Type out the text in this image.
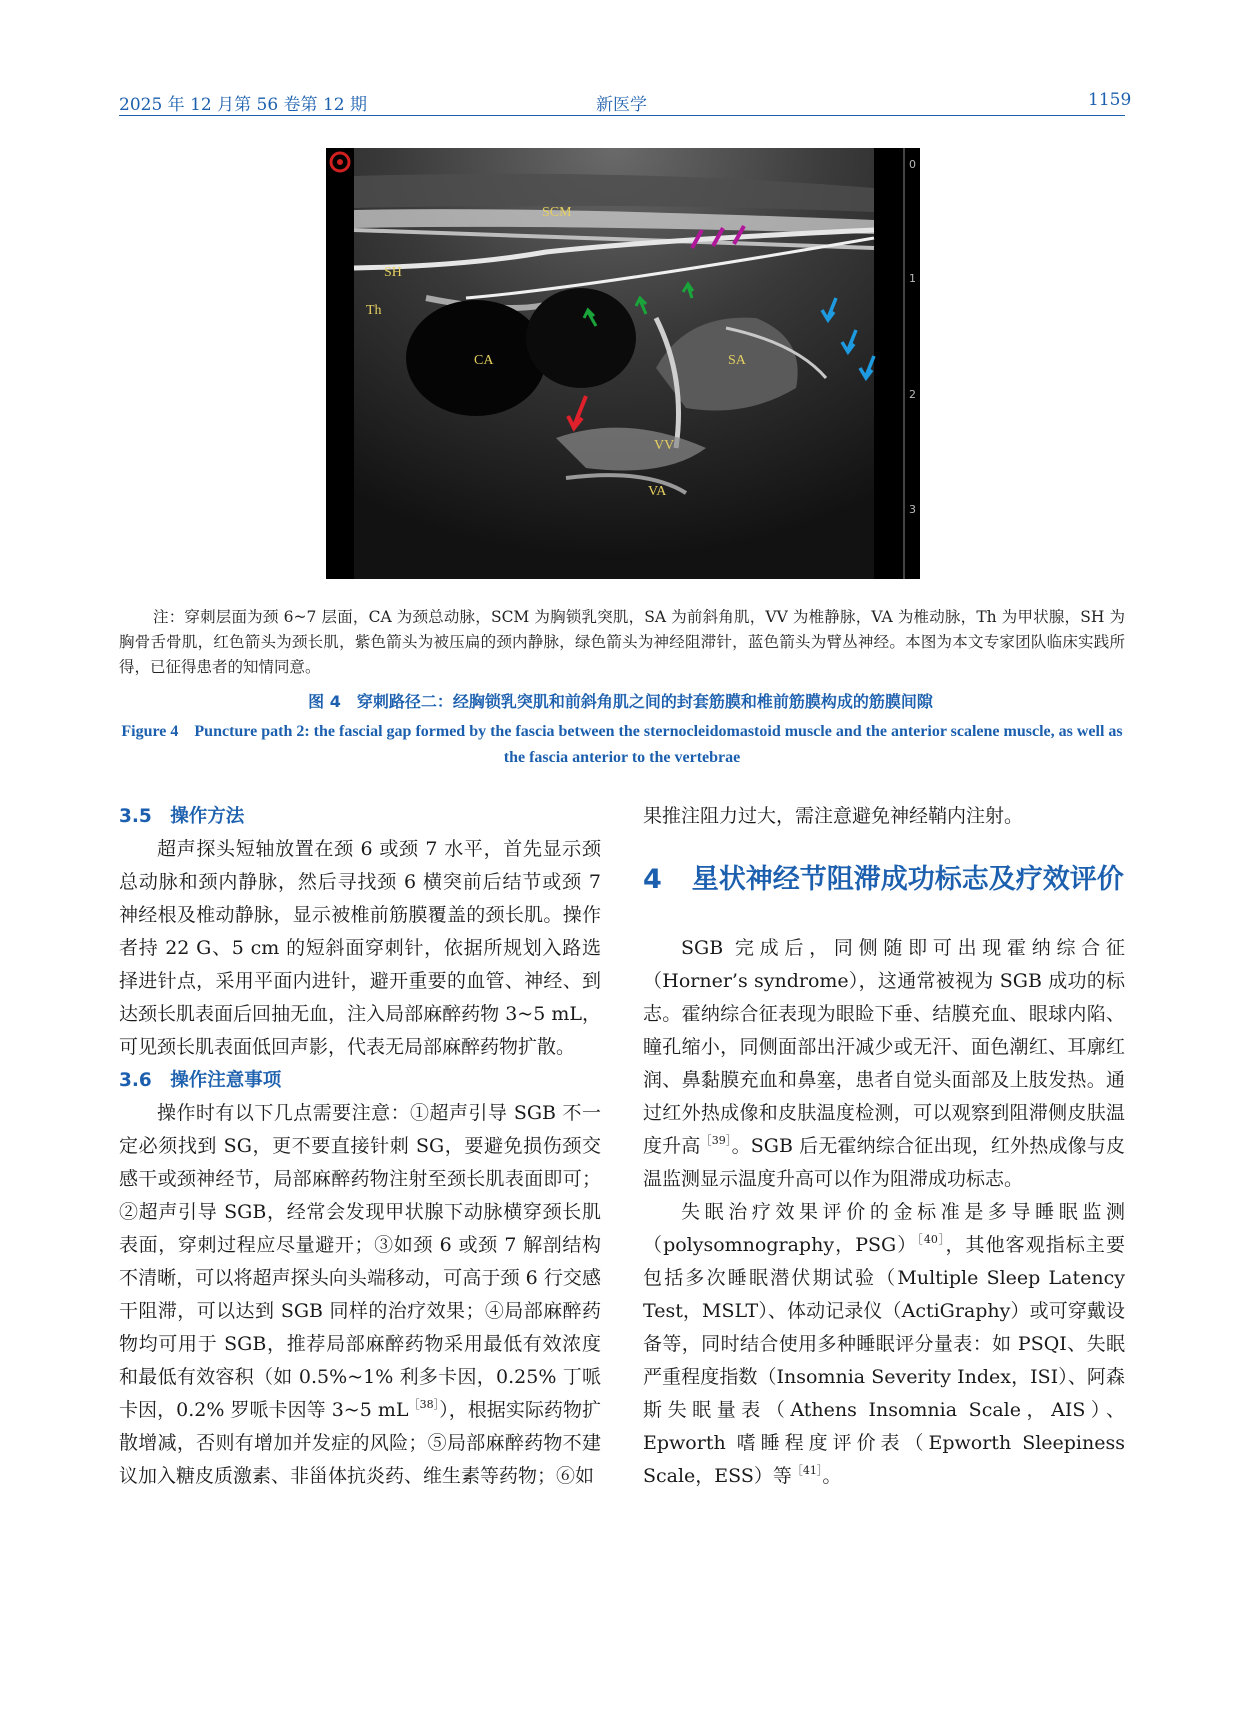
2025 年 12 月第 56 卷第 12 期	新医学	1159
0
1
2
3
SCM
SH
Th
CA	SA
VV
VA
注：穿刺层面为颈 6~7 层面，CA 为颈总动脉，SCM 为胸锁乳突肌，SA 为前斜角肌，VV 为椎静脉，VA 为椎动脉，Th 为甲状腺，SH 为胸骨舌骨肌，红色箭头为颈长肌，紫色箭头为被压扁的颈内静脉，绿色箭头为神经阻滞针，蓝色箭头为臂丛神经。本图为本文专家团队临床实践所得，已征得患者的知情同意。
图 4　穿刺路径二：经胸锁乳突肌和前斜角肌之间的封套筋膜和椎前筋膜构成的筋膜间隙
Figure 4　Puncture path 2: the fascial gap formed by the fascia between the sternocleidomastoid muscle and the anterior scalene muscle, as well as the fascia anterior to the vertebrae

3.5　操作方法

超声探头短轴放置在颈 6 或颈 7 水平，首先显示颈总动脉和颈内静脉，然后寻找颈 6 横突前后结节或颈 7 神经根及椎动静脉，显示被椎前筋膜覆盖的颈长肌。操作者持 22 G、5 cm 的短斜面穿刺针，依据所规划入路选择进针点，采用平面内进针，避开重要的血管、神经、到达颈长肌表面后回抽无血，注入局部麻醉药物 3~5 mL，可见颈长肌表面低回声影，代表无局部麻醉药物扩散。

3.6　操作注意事项

操作时有以下几点需要注意：①超声引导 SGB 不一定必须找到 SG，更不要直接针刺 SG，要避免损伤颈交感干或颈神经节，局部麻醉药物注射至颈长肌表面即可；②超声引导 SGB，经常会发现甲状腺下动脉横穿颈长肌表面，穿刺过程应尽量避开；③如颈 6 或颈 7 解剖结构不清晰，可以将超声探头向头端移动，可高于颈 6 行交感干阻滞，可以达到 SGB 同样的治疗效果；④局部麻醉药物均可用于 SGB，推荐局部麻醉药物采用最低有效浓度和最低有效容积（如 0.5%~1% 利多卡因，0.25% 丁哌卡因，0.2% 罗哌卡因等 3~5 $mL^{[38]}$），根据实际药物扩散增减，否则有增加并发症的风险；⑤局部麻醉药物不建议加入糖皮质激素、非甾体抗炎药、维生素等药物；⑥如

果推注阻力过大，需注意避免神经鞘内注射。

4 星状神经节阻滞成功标志及疗效评价

SGB 完成后，同侧随即可出现霍纳综合征（Horner’s syndrome），这通常被视为 SGB 成功的标志。霍纳综合征表现为眼睑下垂、结膜充血、眼球内陷、瞳孔缩小，同侧面部出汗减少或无汗、面色潮红、耳廓红润、鼻黏膜充血和鼻塞，患者自觉头面部及上肢发热。通过红外热成像和皮肤温度检测，可以观察到阻滞侧皮肤温度升高$^{[39]}$。SGB 后无霍纳综合征出现，红外热成像与皮温监测显示温度升高可以作为阻滞成功标志。

失眠治疗效果评价的金标准是多导睡眠监测（polysomnography，PSG）$^{[40]}$，其他客观指标主要包括多次睡眠潜伏期试验（Multiple Sleep Latency Test，MSLT）、体动记录仪（ActiGraphy）或可穿戴设备等，同时结合使用多种睡眠评分量表：如 PSQI、失眠严重程度指数（Insomnia Severity Index，ISI）、阿森斯失眠量表（Athens Insomnia Scale，AIS）、Epworth 嗜睡程度评价表（Epworth Sleepiness Scale，ESS）等$^{[41]}$。
